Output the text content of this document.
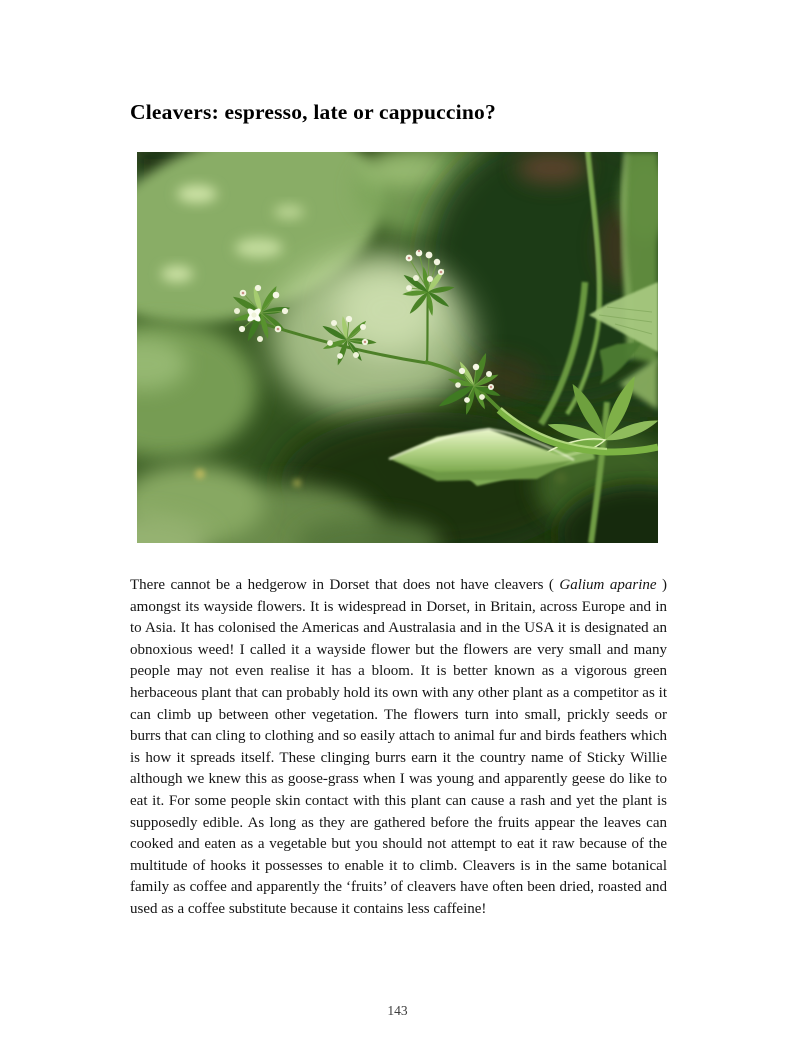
Cleavers: espresso, late or cappuccino?

There cannot be a hedgerow in Dorset that does not have cleavers ( Galium aparine ) amongst its wayside flowers. It is widespread in Dorset, in Britain, across Europe and in to Asia. It has colonised the Americas and Australasia and in the USA it is designated an obnoxious weed! I called it a wayside flower but the flowers are very small and many people may not even realise it has a bloom. It is better known as a vigorous green herbaceous plant that can probably hold its own with any other plant as a competitor as it can climb up between other vegetation. The flowers turn into small, prickly seeds or burrs that can cling to clothing and so easily attach to animal fur and birds feathers which is how it spreads itself. These clinging burrs earn it the country name of Sticky Willie although we knew this as goose-grass when I was young and apparently geese do like to eat it. For some people skin contact with this plant can cause a rash and yet the plant is supposedly edible. As long as they are gathered before the fruits appear the leaves can cooked and eaten as a vegetable but you should not attempt to eat it raw because of the multitude of hooks it possesses to enable it to climb. Cleavers is in the same botanical family as coffee and apparently the ‘fruits’ of cleavers have often been dried, roasted and used as a coffee substitute because it contains less caffeine!

143
